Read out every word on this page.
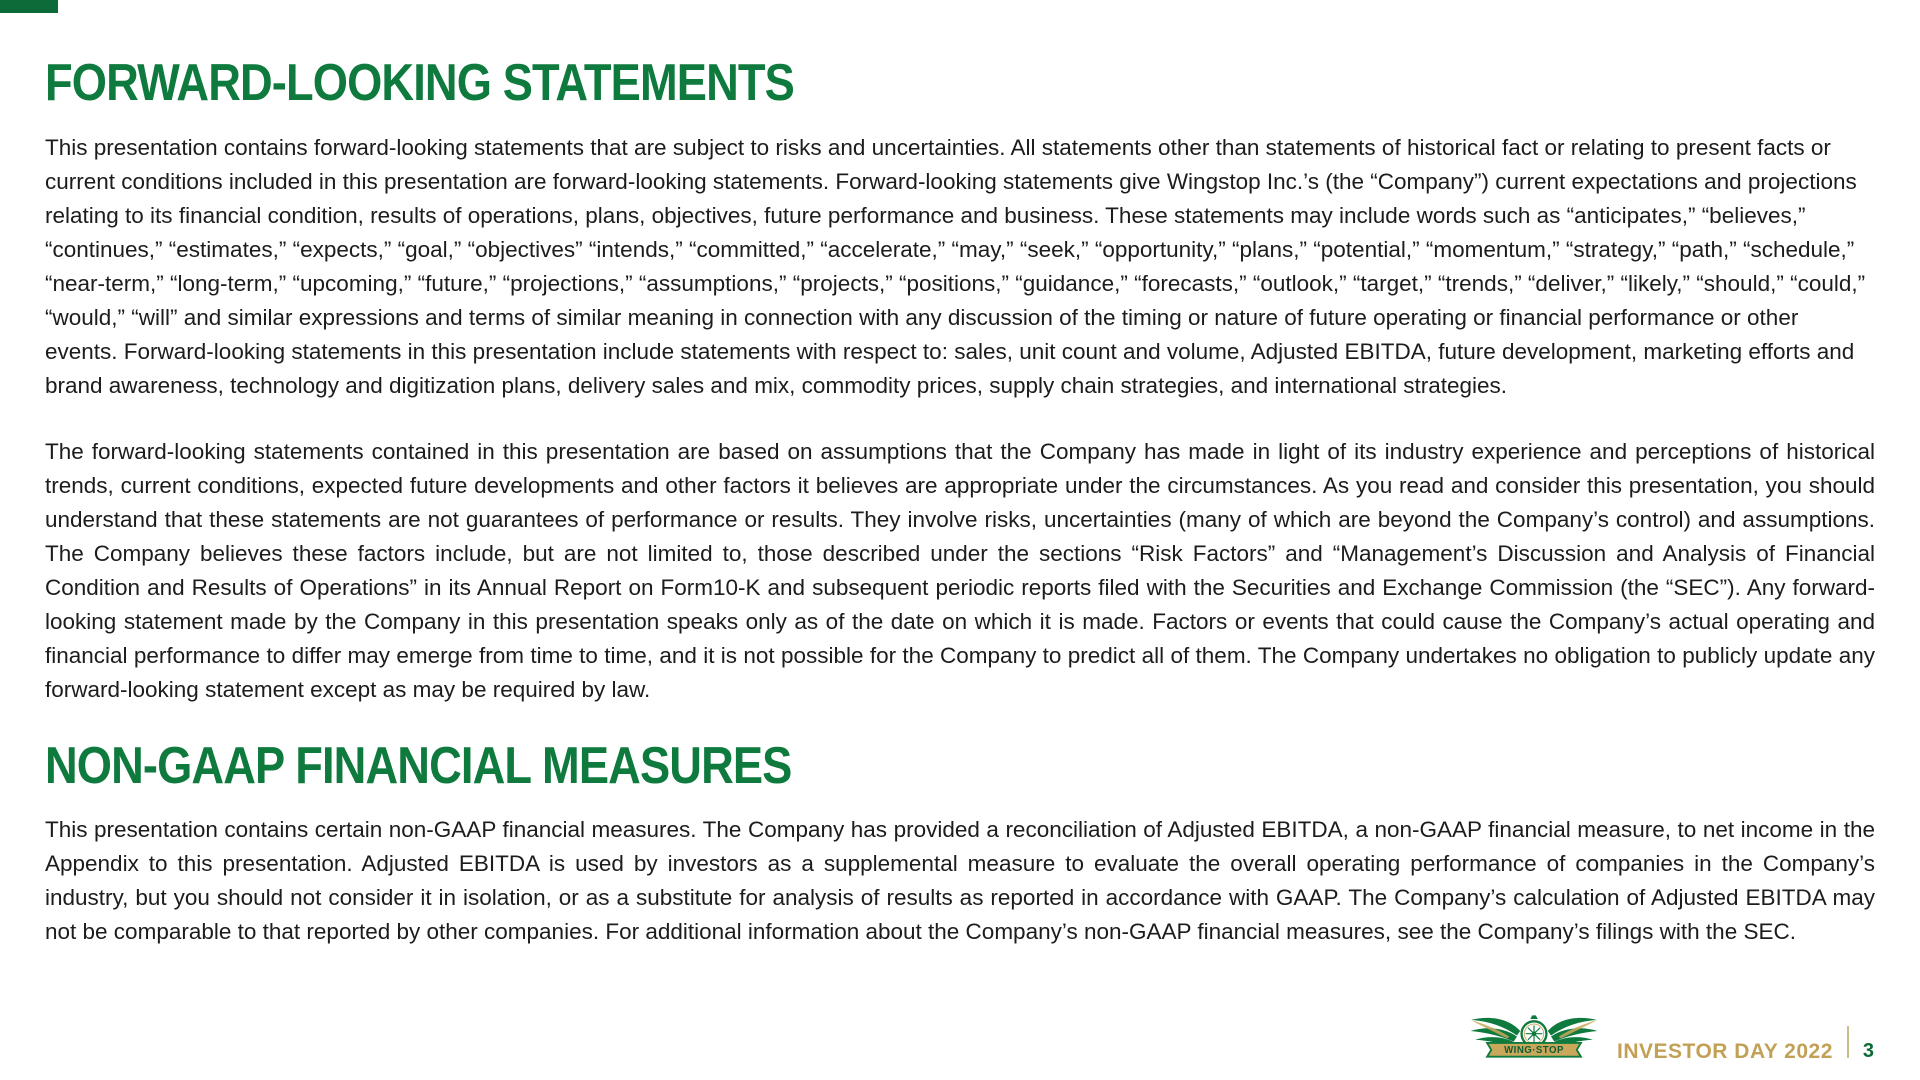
FORWARD-LOOKING STATEMENTS

This presentation contains forward-looking statements that are subject to risks and uncertainties. All statements other than statements of historical fact or relating to present facts or current conditions included in this presentation are forward-looking statements. Forward-looking statements give Wingstop Inc.’s (the “Company”) current expectations and projections relating to its financial condition, results of operations, plans, objectives, future performance and business. These statements may include words such as “anticipates,” “believes,” “continues,” “estimates,” “expects,” “goal,” “objectives” “intends,” “committed,” “accelerate,” “may,” “seek,” “opportunity,” “plans,” “potential,” “momentum,” “strategy,” “path,” “schedule,” “near-term,” “long-term,” “upcoming,” “future,” “projections,” “assumptions,” “projects,” “positions,” “guidance,” “forecasts,” “outlook,” “target,” “trends,” “deliver,” “likely,” “should,” “could,” “would,” “will” and similar expressions and terms of similar meaning in connection with any discussion of the timing or nature of future operating or financial performance or other events. Forward-looking statements in this presentation include statements with respect to: sales, unit count and volume, Adjusted EBITDA, future development, marketing efforts and brand awareness, technology and digitization plans, delivery sales and mix, commodity prices, supply chain strategies, and international strategies.

The forward-looking statements contained in this presentation are based on assumptions that the Company has made in light of its industry experience and perceptions of historical trends, current conditions, expected future developments and other factors it believes are appropriate under the circumstances. As you read and consider this presentation, you should understand that these statements are not guarantees of performance or results. They involve risks, uncertainties (many of which are beyond the Company’s control) and assumptions. The Company believes these factors include, but are not limited to, those described under the sections “Risk Factors” and “Management’s Discussion and Analysis of Financial Condition and Results of Operations” in its Annual Report on Form10-K and subsequent periodic reports filed with the Securities and Exchange Commission (the “SEC”). Any forward-looking statement made by the Company in this presentation speaks only as of the date on which it is made. Factors or events that could cause the Company’s actual operating and financial performance to differ may emerge from time to time, and it is not possible for the Company to predict all of them. The Company undertakes no obligation to publicly update any forward-looking statement except as may be required by law.

NON-GAAP FINANCIAL MEASURES

This presentation contains certain non-GAAP financial measures. The Company has provided a reconciliation of Adjusted EBITDA, a non-GAAP financial measure, to net income in the Appendix to this presentation. Adjusted EBITDA is used by investors as a supplemental measure to evaluate the overall operating performance of companies in the Company’s industry, but you should not consider it in isolation, or as a substitute for analysis of results as reported in accordance with GAAP. The Company’s calculation of Adjusted EBITDA may not be comparable to that reported by other companies. For additional information about the Company’s non-GAAP financial measures, see the Company’s filings with the SEC.

WING·STOP	INVESTOR DAY 2022 3
